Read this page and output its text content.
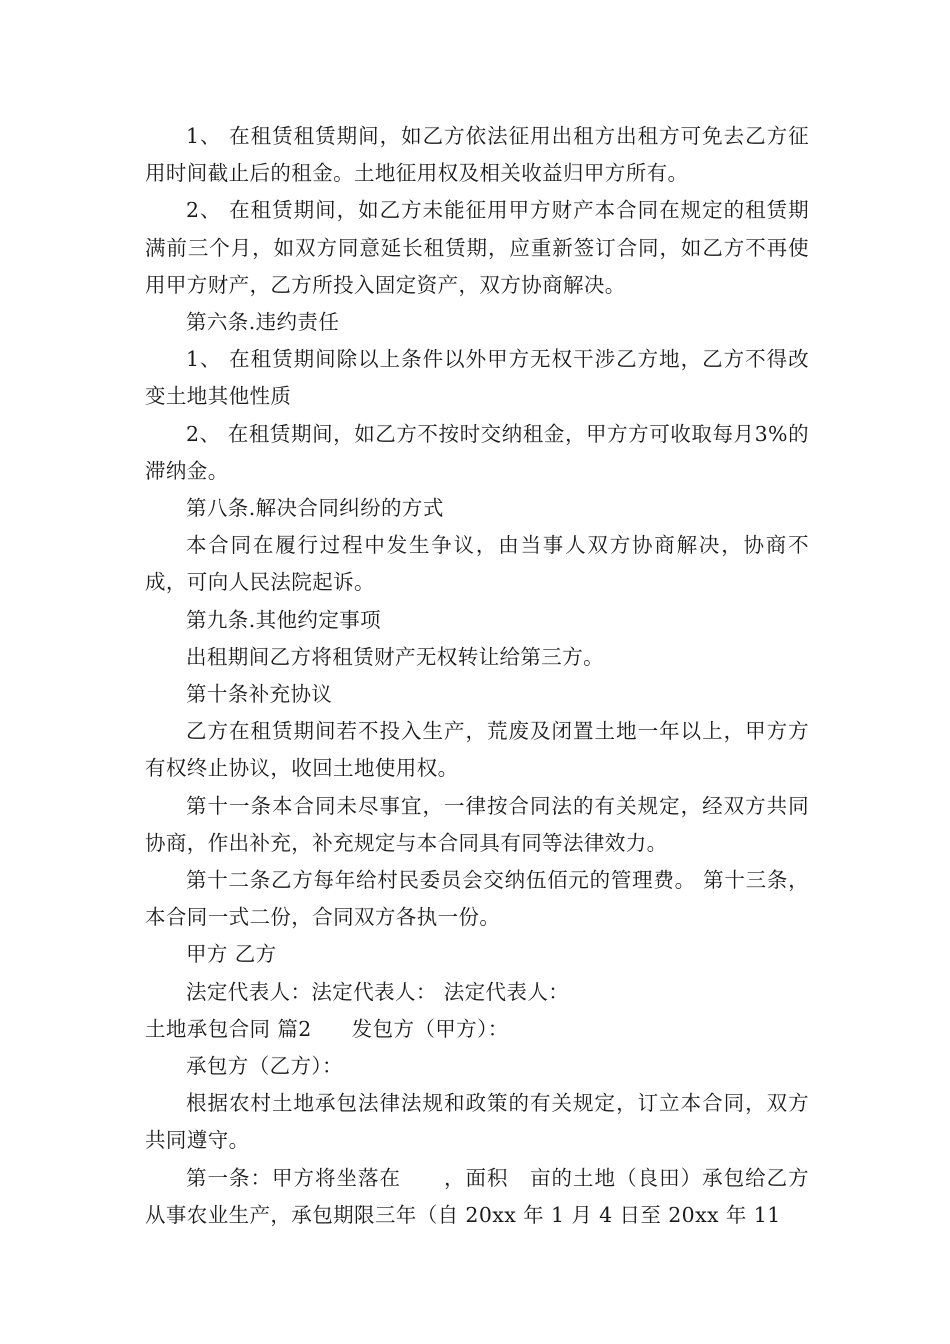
1、 在租赁租赁期间，如乙方依法征用出租方出租方可免去乙方征用时间截止后的租金。土地征用权及相关收益归甲方所有。

2、 在租赁期间，如乙方未能征用甲方财产本合同在规定的租赁期满前三个月，如双方同意延长租赁期，应重新签订合同，如乙方不再使用甲方财产，乙方所投入固定资产，双方协商解决。

第六条.违约责任

1、 在租赁期间除以上条件以外甲方无权干涉乙方地，乙方不得改变土地其他性质

2、 在租赁期间，如乙方不按时交纳租金，甲方方可收取每月3%的滞纳金。

第八条.解决合同纠纷的方式

本合同在履行过程中发生争议，由当事人双方协商解决，协商不成，可向人民法院起诉。

第九条.其他约定事项

出租期间乙方将租赁财产无权转让给第三方。

第十条补充协议

乙方在租赁期间若不投入生产，荒废及闭置土地一年以上，甲方方有权终止协议，收回土地使用权。

第十一条本合同未尽事宜，一律按合同法的有关规定，经双方共同协商，作出补充，补充规定与本合同具有同等法律效力。

第十二条乙方每年给村民委员会交纳伍佰元的管理费。 第十三条，本合同一式二份，合同双方各执一份。

甲方 乙方

法定代表人：法定代表人： 法定代表人：

土地承包合同 篇2 发包方（甲方）：

承包方（乙方）：

根据农村土地承包法律法规和政策的有关规定，订立本合同，双方共同遵守。

第一条：甲方将坐落在　　，面积　亩的土地（良田）承包给乙方从事农业生产，承包期限三年（自 20xx 年 1 月 4 日至 20xx 年 11
